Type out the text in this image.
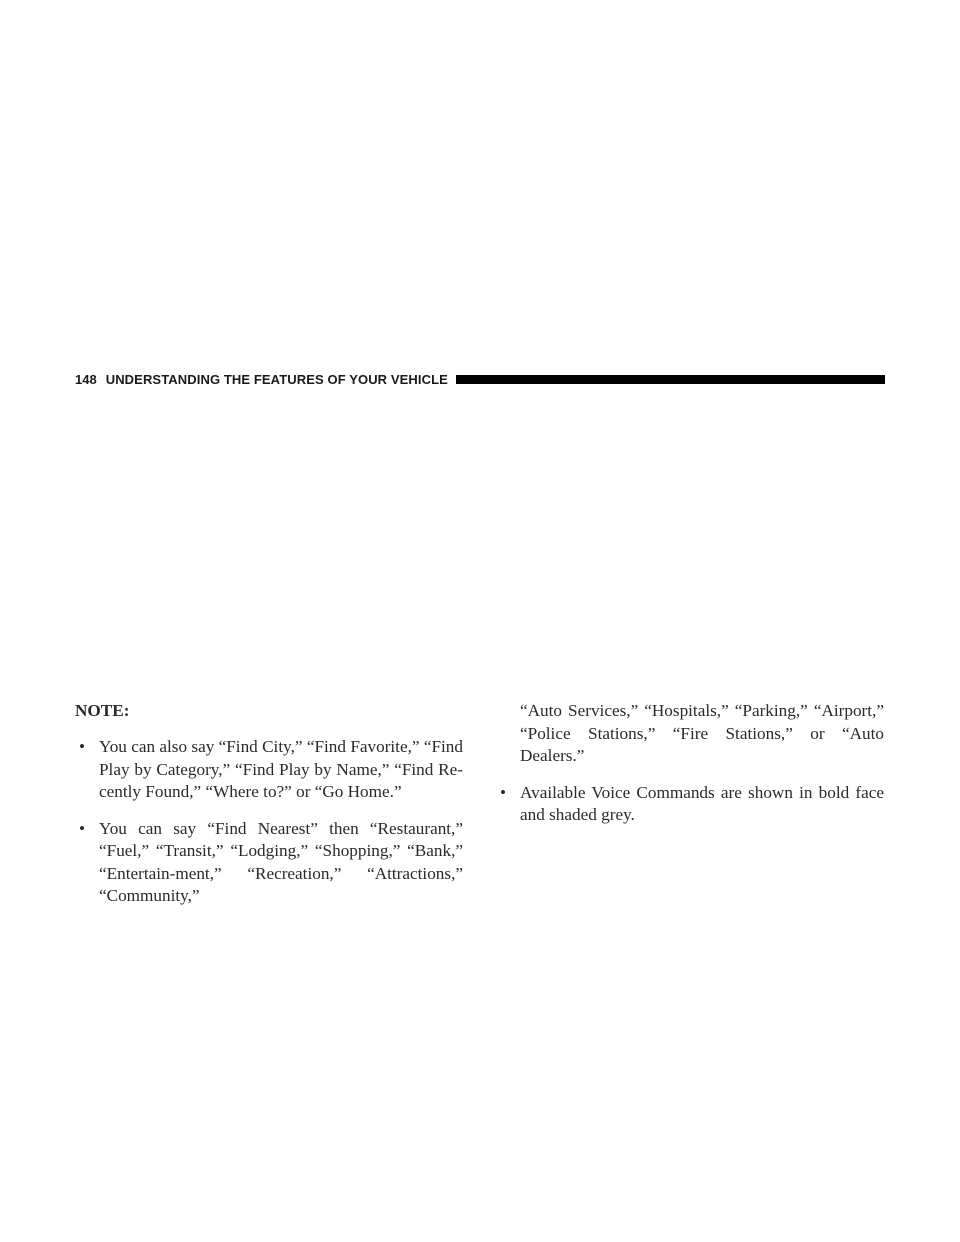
148 UNDERSTANDING THE FEATURES OF YOUR VEHICLE
NOTE:
• You can also say “Find City,” “Find Favorite,” “Find Play by Category,” “Find Play by Name,” “Find Re-cently Found,” “Where to?” or “Go Home.”
• You can say “Find Nearest” then “Restaurant,” “Fuel,” “Transit,” “Lodging,” “Shopping,” “Bank,” “Entertain-ment,” “Recreation,” “Attractions,” “Community,”
“Auto Services,” “Hospitals,” “Parking,” “Airport,” “Police Stations,” “Fire Stations,” or “Auto Dealers.”
• Available Voice Commands are shown in bold face and shaded grey.
